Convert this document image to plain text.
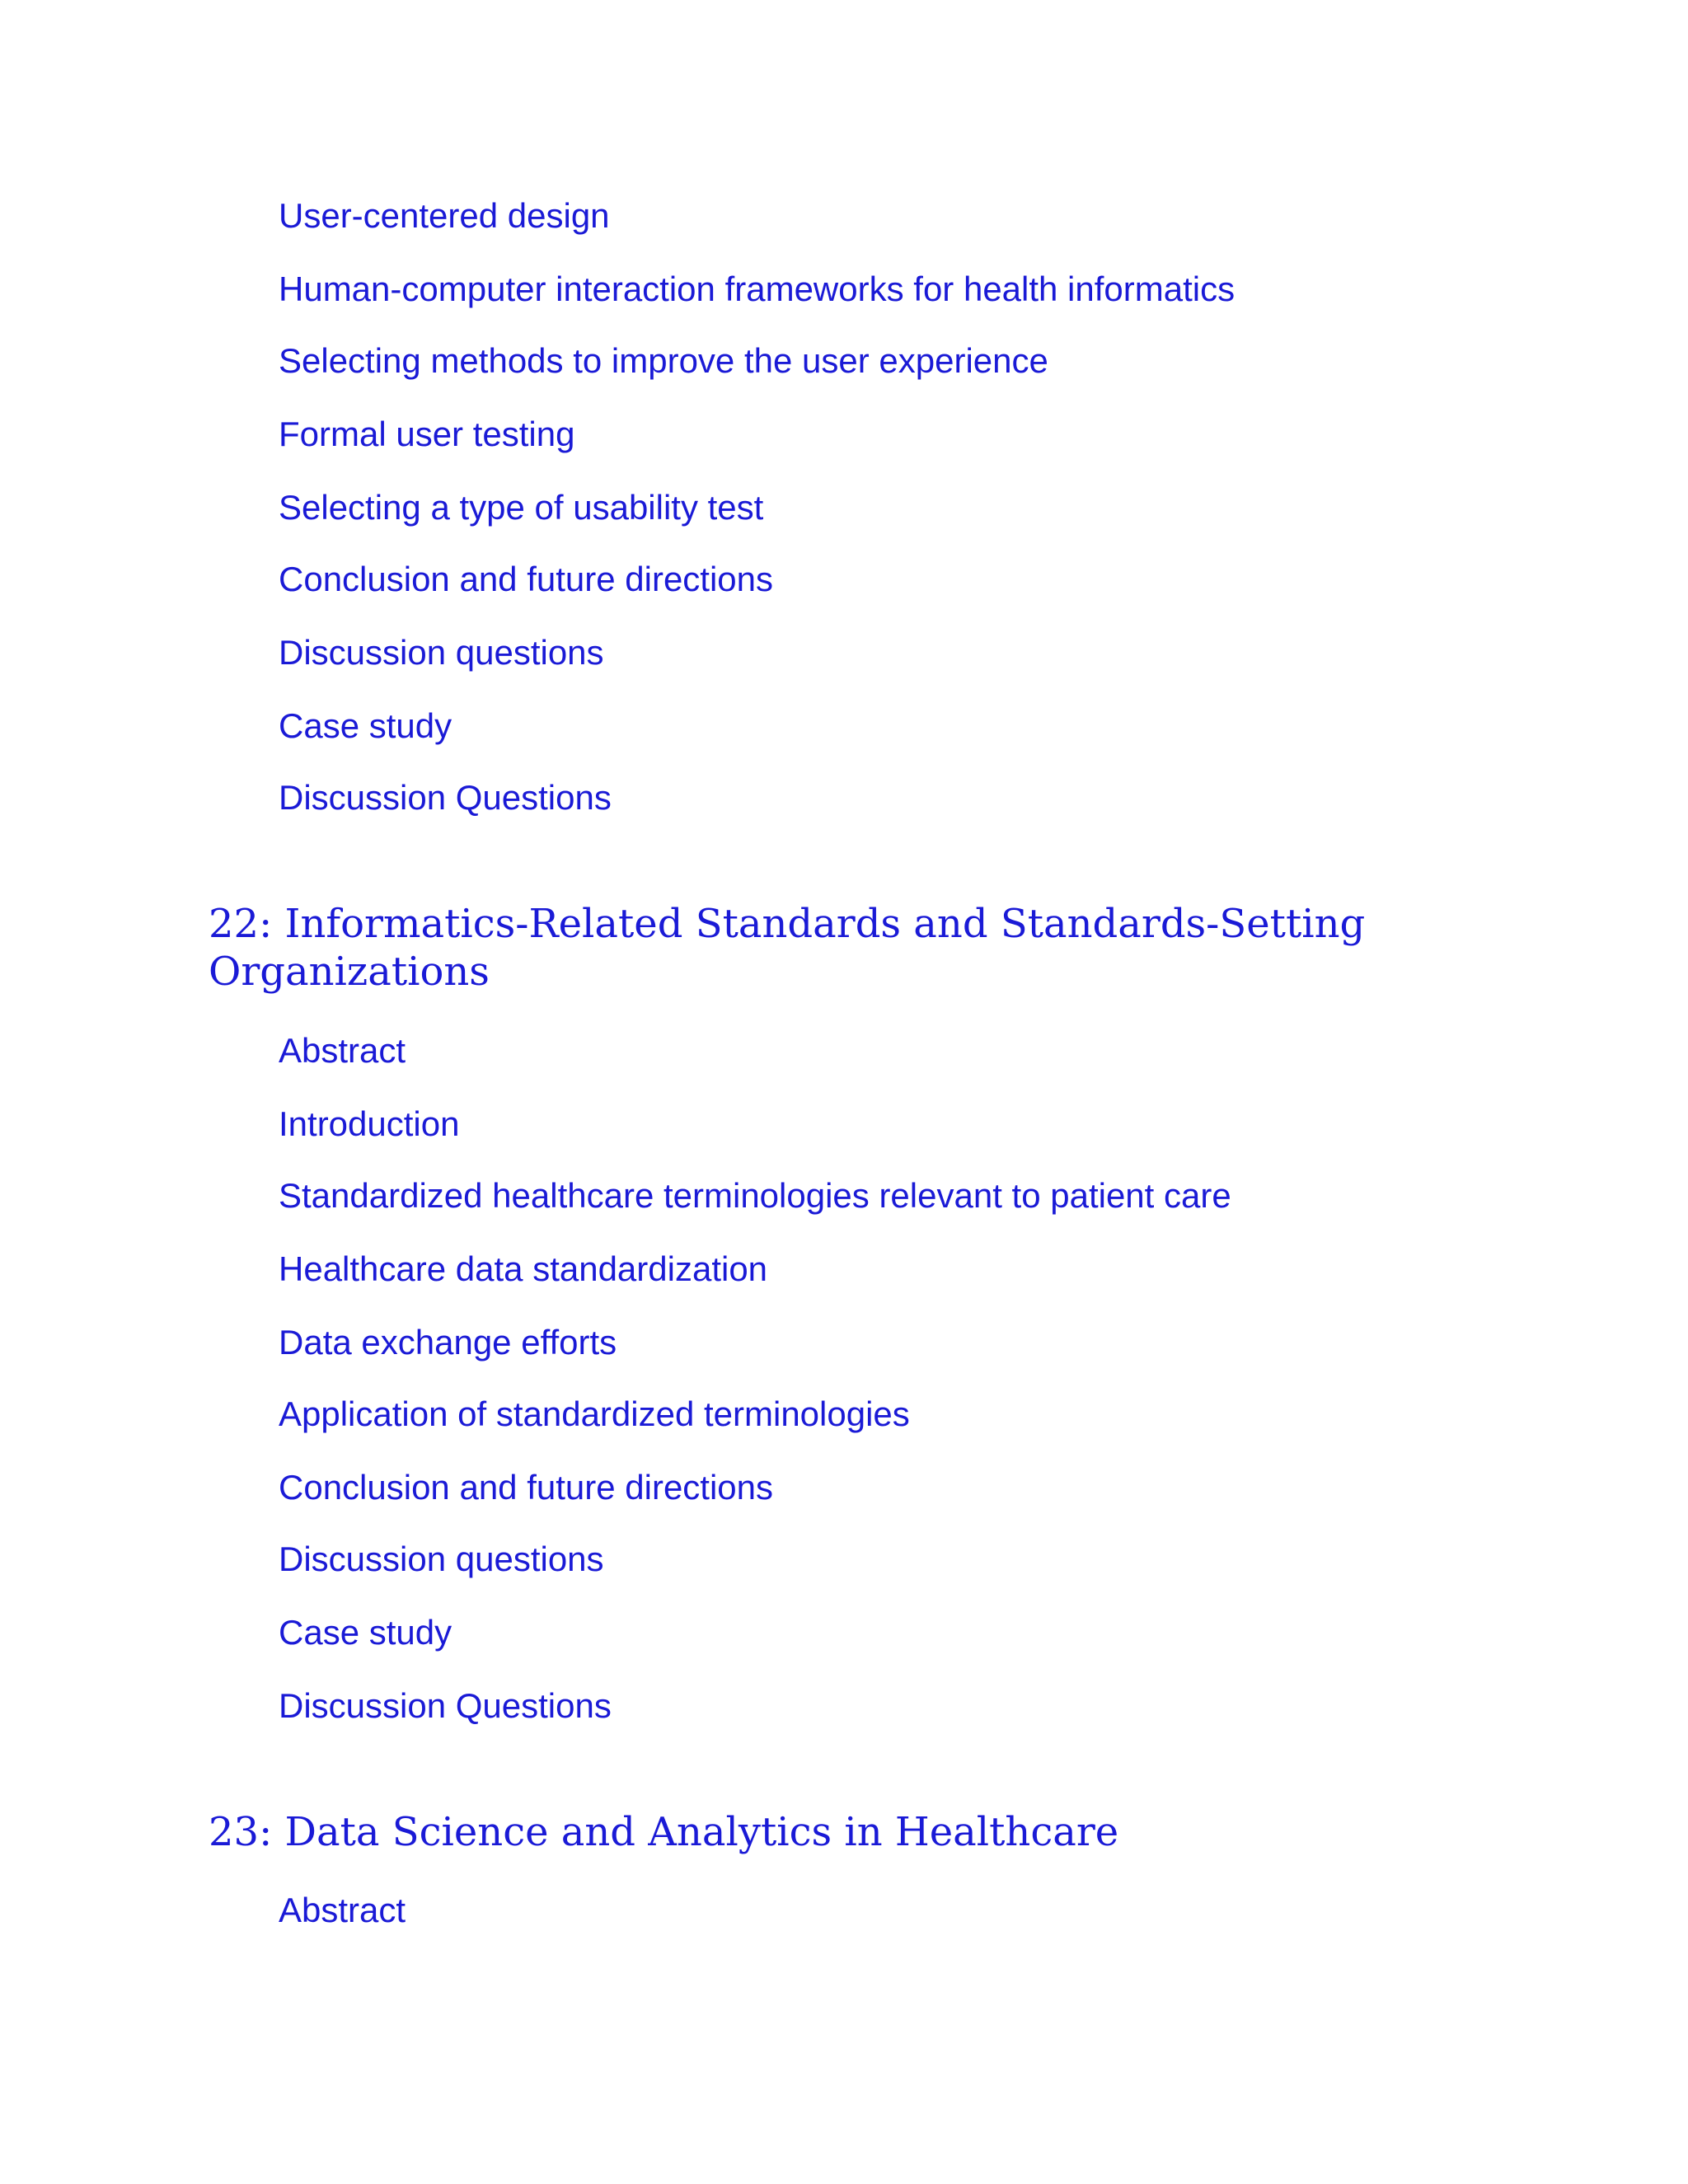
User-centered design
Human-computer interaction frameworks for health informatics
Selecting methods to improve the user experience
Formal user testing
Selecting a type of usability test
Conclusion and future directions
Discussion questions
Case study
Discussion Questions
22: Informatics-Related Standards and Standards-Setting Organizations
Abstract
Introduction
Standardized healthcare terminologies relevant to patient care
Healthcare data standardization
Data exchange efforts
Application of standardized terminologies
Conclusion and future directions
Discussion questions
Case study
Discussion Questions
23: Data Science and Analytics in Healthcare
Abstract
